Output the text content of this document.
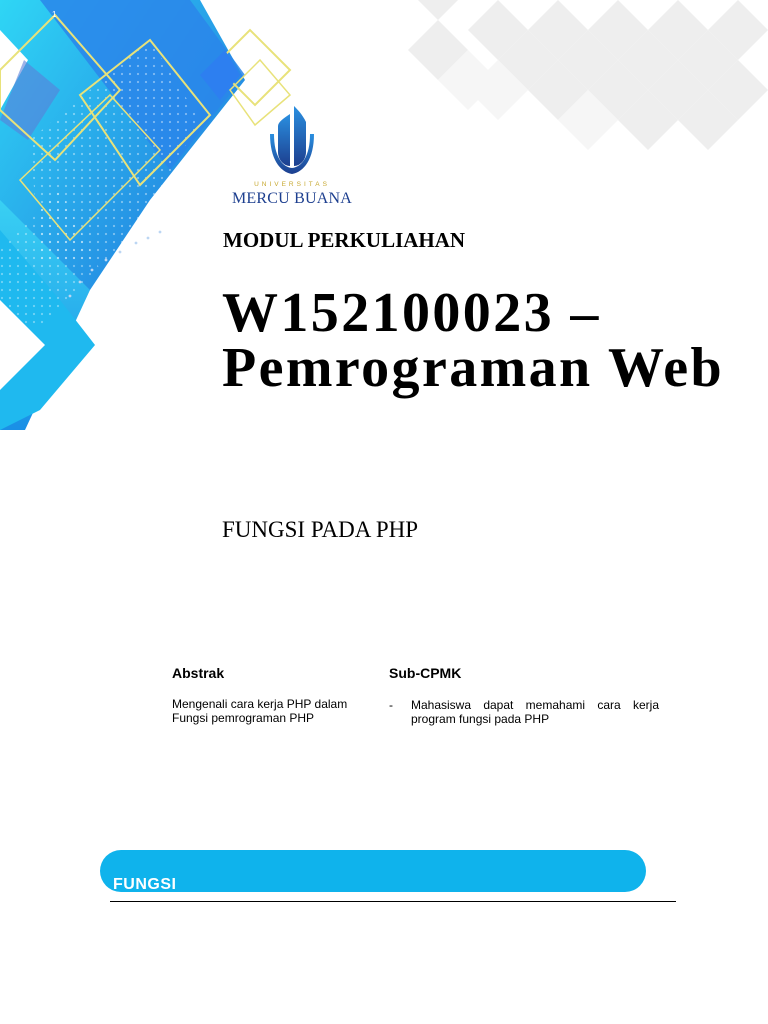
1
UNIVERSITAS
MERCU BUANA
MODUL PERKULIAHAN
W152100023 – Pemrograman Web
FUNGSI PADA PHP
Abstrak
Mengenali cara kerja PHP dalam Fungsi pemrograman PHP
Sub-CPMK
-	Mahasiswa dapat memahami cara kerja program fungsi pada PHP
FUNGSI
